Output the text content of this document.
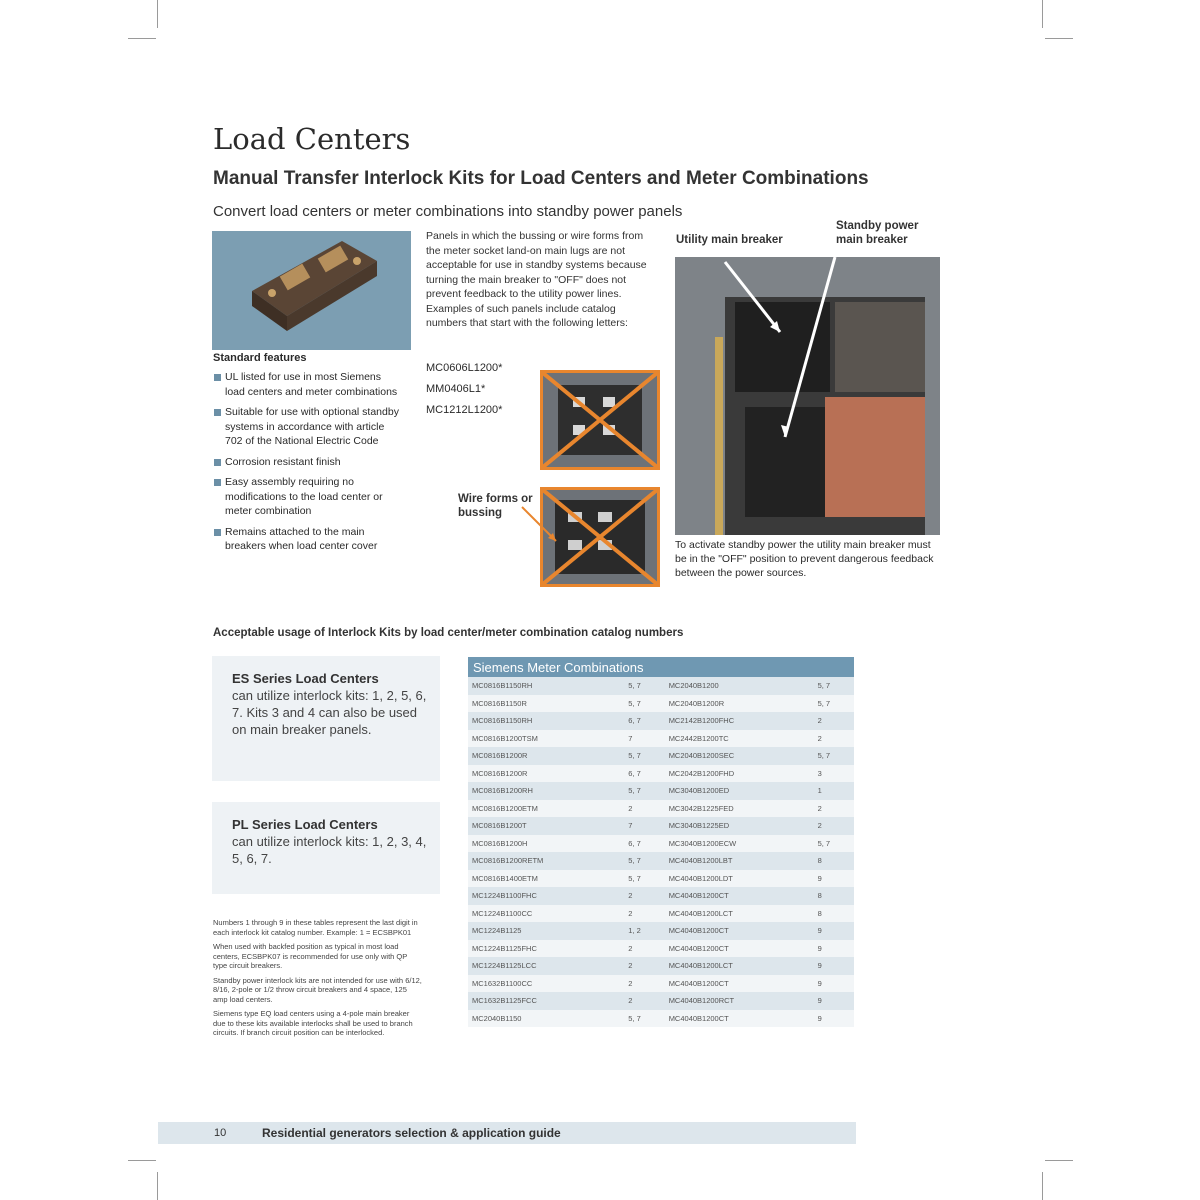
Load Centers
Manual Transfer Interlock Kits for Load Centers and Meter Combinations
Convert load centers or meter combinations into standby power panels
Standard features
UL listed for use in most Siemens load centers and meter combinations
Suitable for use with optional standby systems in accordance with article 702 of the National Electric Code
Corrosion resistant finish
Easy assembly requiring no modifications to the load center or meter combination
Remains attached to the main breakers when load center cover
Panels in which the bussing or wire forms from the meter socket land-on main lugs are not acceptable for use in standby systems because turning the main breaker to "OFF" does not prevent feedback to the utility power lines. Examples of such panels include catalog numbers that start with the following letters:
MC0606L1200*
MM0406L1*
MC1212L1200*
Wire forms or bussing
Utility main breaker
Standby power main breaker
To activate standby power the utility main breaker must be in the "OFF" position to prevent dangerous feedback between the power sources.
Acceptable usage of Interlock Kits by load center/meter combination catalog numbers
ES Series Load Centers
can utilize interlock kits: 1, 2, 5, 6, 7. Kits 3 and 4 can also be used on main breaker panels.
PL Series Load Centers
can utilize interlock kits: 1, 2, 3, 4, 5, 6, 7.

Numbers 1 through 9 in these tables represent the last digit in each interlock kit catalog number. Example: 1 = ECSBPK01

When used with backfed position as typical in most load centers, ECSBPK07 is recommended for use only with QP type circuit breakers.

Standby power interlock kits are not intended for use with 6/12, 8/16, 2-pole or 1/2 throw circuit breakers and 4 space, 125 amp load centers.

Siemens type EQ load centers using a 4-pole main breaker due to these kits available interlocks shall be used to branch circuits. If branch circuit position can be interlocked.

Siemens Meter Combinations			
MC0816B1150RH	5, 7	MC2040B1200	5, 7
MC0816B1150R	5, 7	MC2040B1200R	5, 7
MC0816B1150RH	6, 7	MC2142B1200FHC	2
MC0816B1200TSM	7	MC2442B1200TC	2
MC0816B1200R	5, 7	MC2040B1200SEC	5, 7
MC0816B1200R	6, 7	MC2042B1200FHD	3
MC0816B1200RH	5, 7	MC3040B1200ED	1
MC0816B1200ETM	2	MC3042B1225FED	2
MC0816B1200T	7	MC3040B1225ED	2
MC0816B1200H	6, 7	MC3040B1200ECW	5, 7
MC0816B1200RETM	5, 7	MC4040B1200LBT	8
MC0816B1400ETM	5, 7	MC4040B1200LDT	9
MC1224B1100FHC	2	MC4040B1200CT	8
MC1224B1100CC	2	MC4040B1200LCT	8
MC1224B1125	1, 2	MC4040B1200CT	9
MC1224B1125FHC	2	MC4040B1200CT	9
MC1224B1125LCC	2	MC4040B1200LCT	9
MC1632B1100CC	2	MC4040B1200CT	9
MC1632B1125FCC	2	MC4040B1200RCT	9
MC2040B1150	5, 7	MC4040B1200CT	9
10	Residential generators selection & application guide
